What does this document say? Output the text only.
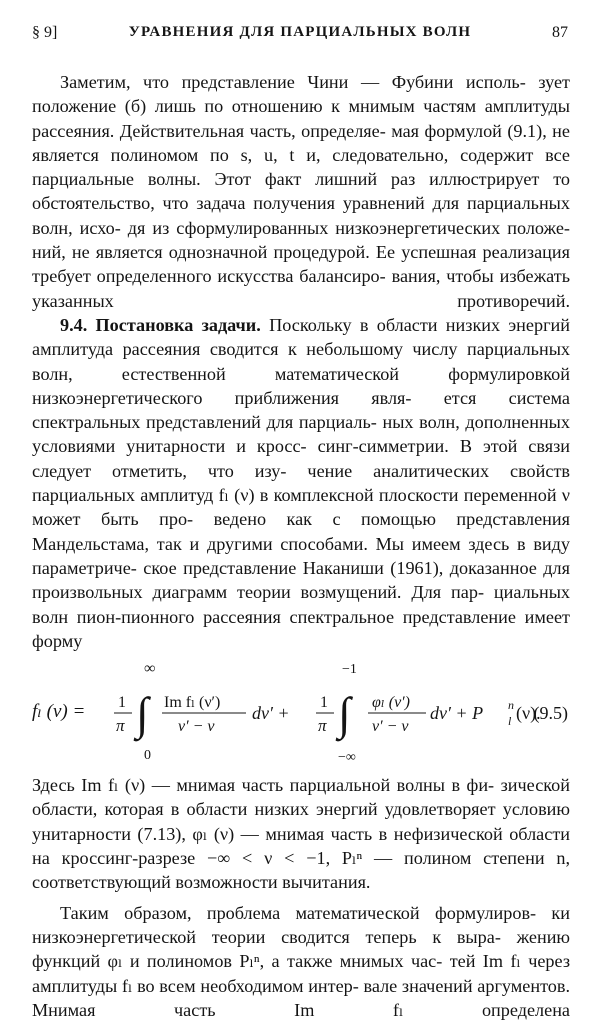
§ 9]	УРАВНЕНИЯ ДЛЯ ПАРЦИАЛЬНЫХ ВОЛН	87
Заметим, что представление Чини — Фубини исполь- зует положение (б) лишь по отношению к мнимым частям амплитуды рассеяния. Действительная часть, определяе- мая формулой (9.1), не является полиномом по s, u, t и, следовательно, содержит все парциальные волны. Этот факт лишний раз иллюстрирует то обстоятельство, что задача получения уравнений для парциальных волн, исхо- дя из сформулированных низкоэнергетических положе- ний, не является однозначной процедурой. Ее успешная реализация требует определенного искусства балансиро- вания, чтобы избежать указанных противоречий.
9.4. Постановка задачи. Поскольку в области низких энергий амплитуда рассеяния сводится к небольшому числу парциальных волн, естественной математической	формулировкой низкоэнергетического приближения явля- ется система спектральных представлений для парциаль- ных волн, дополненных условиями унитарности и кросс- синг-симметрии. В этой связи следует отметить, что изу- чение аналитических свойств парциальных амплитуд fₗ (ν) в комплексной плоскости переменной ν может быть про- ведено как с помощью представления Мандельстама, так и другими способами. Мы имеем здесь в виду параметриче- ское представление Наканиши (1961), доказанное для произвольных диаграмм теории возмущений. Для пар- циальных волн пион-пионного рассеяния спектральное представление имеет форму
fₗ (ν) = 1
π ∫
∞
0
Im fₗ (ν′)
ν′ − ν
dν′ +
1
π ∫
−1
−∞
φₗ (ν′)
ν′ − ν
dν′ + P n
l (ν).
(9.5)
Здесь Im fₗ (ν) — мнимая часть парциальной волны в фи- зической области, которая в области низких энергий удовлетворяет условию унитарности (7.13), φₗ (ν) — мнимая часть в нефизической области на кроссинг-разрезе −∞ < ν < −1, Pₗⁿ — полином степени n, соответствующий возможности вычитания.
Таким образом, проблема математической формулиров- ки низкоэнергетической теории сводится теперь к выра- жению функций φₗ и полиномов Pₗⁿ, а также мнимых час- тей Im fₗ через амплитуды fₗ во всем необходимом интер- вале значений аргументов. Мнимая часть Im fₗ определена
